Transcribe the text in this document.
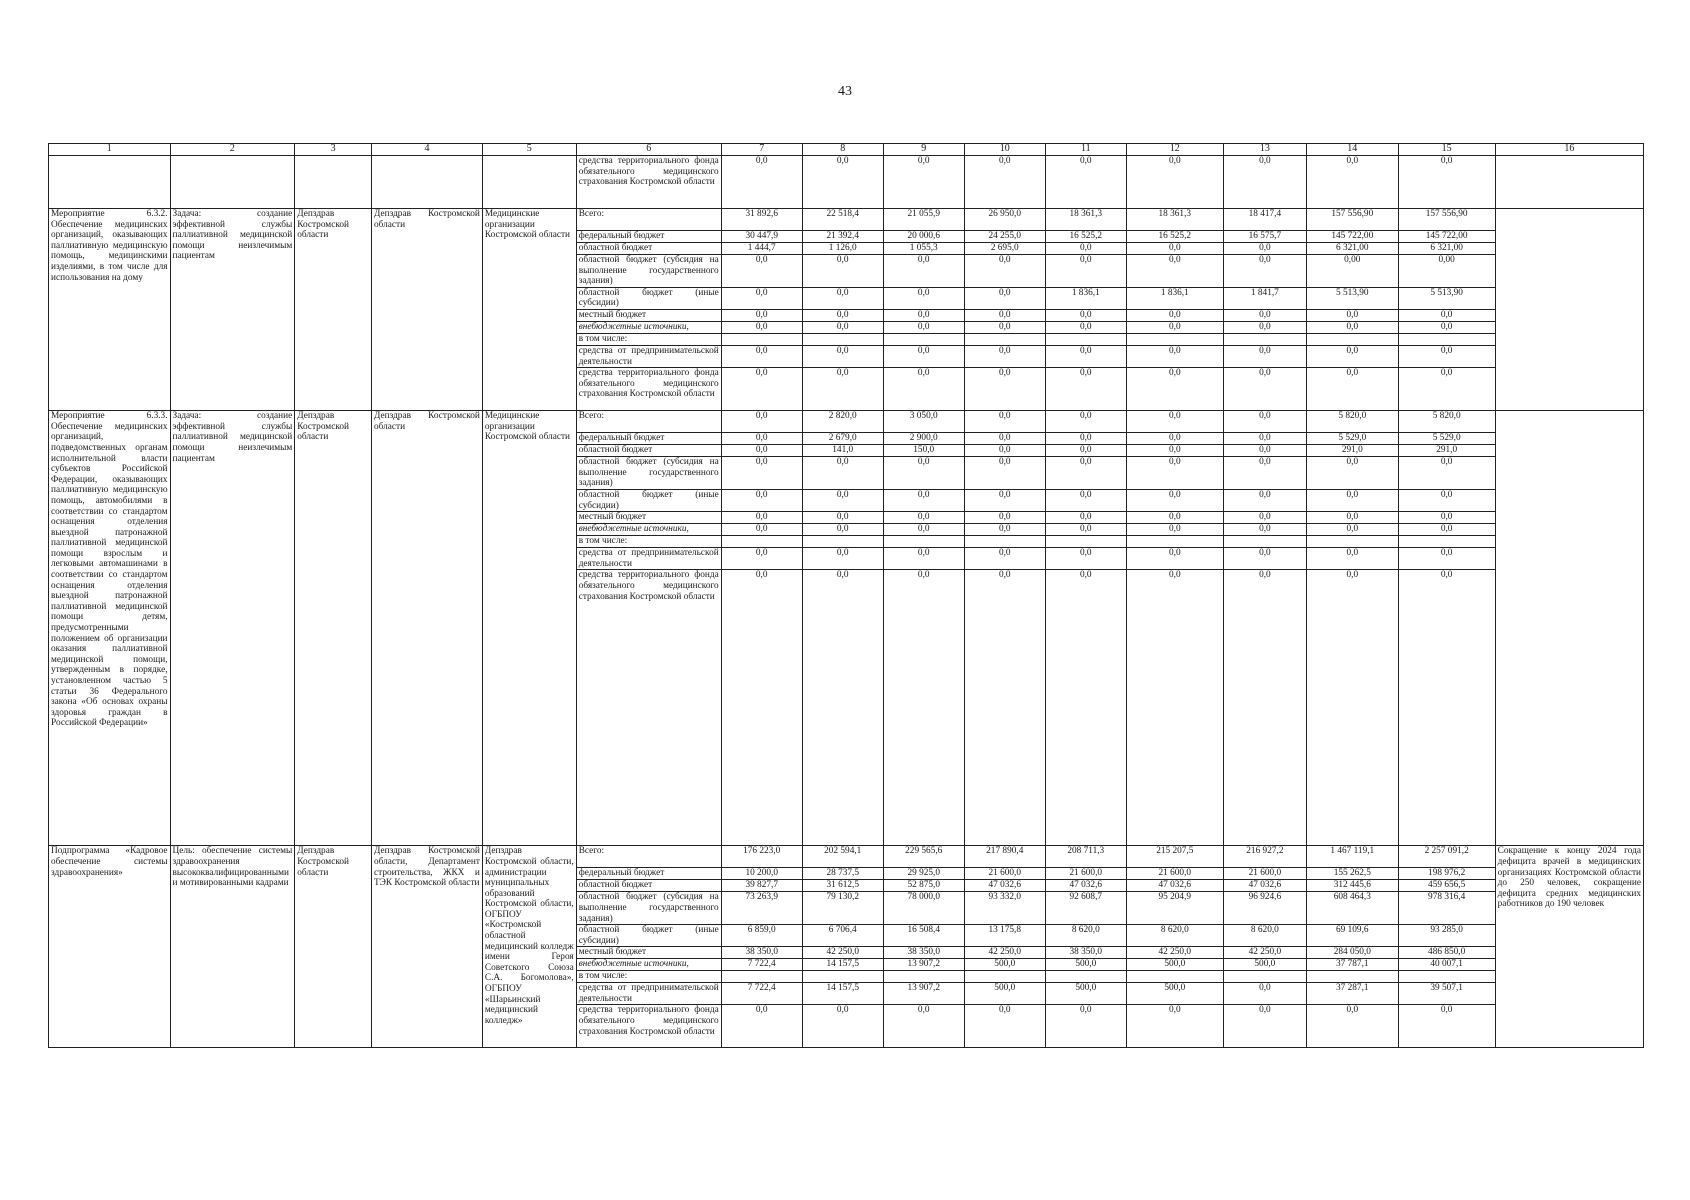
43
1	2	3	4	5	6	7	8	9	10	11	12	13	14	15	16
					средства территориального фонда обязательного медицинского страхования Костромской области	0,0	0,0	0,0	0,0	0,0	0,0	0,0	0,0	0,0	
Мероприятие 6.3.2. Обеспечение медицинских организаций, оказывающих паллиативную медицинскую помощь, медицинскими изделиями, в том числе для использования на дому	Задача: создание эффективной службы паллиативной медицинской помощи неизлечимым пациентам	Депздрав Костромской области	Депздрав Костромской области	Медицинские организации Костромской области	Всего:	31 892,6	22 518,4	21 055,9	26 950,0	18 361,3	18 361,3	18 417,4	157 556,90	157 556,90	
					федеральный бюджет	30 447,9	21 392,4	20 000,6	24 255,0	16 525,2	16 525,2	16 575,7	145 722,00	145 722,00	
					областной бюджет	1 444,7	1 126,0	1 055,3	2 695,0	0,0	0,0	0,0	6 321,00	6 321,00	
					областной бюджет (субсидия на выполнение государственного задания)	0,0	0,0	0,0	0,0	0,0	0,0	0,0	0,00	0,00	
					областной бюджет (иные субсидии)	0,0	0,0	0,0	0,0	1 836,1	1 836,1	1 841,7	5 513,90	5 513,90	
					местный бюджет	0,0	0,0	0,0	0,0	0,0	0,0	0,0	0,0	0,0	
					внебюджетные источники,	0,0	0,0	0,0	0,0	0,0	0,0	0,0	0,0	0,0	
					в том числе:										
					средства от предпринимательской деятельности	0,0	0,0	0,0	0,0	0,0	0,0	0,0	0,0	0,0	
					средства территориального фонда обязательного медицинского страхования Костромской области	0,0	0,0	0,0	0,0	0,0	0,0	0,0	0,0	0,0	
Мероприятие 6.3.3. Обеспечение медицинских организаций, подведомственных органам исполнительной власти субъектов Российской Федерации, оказывающих паллиативную медицинскую помощь, автомобилями в соответствии со стандартом оснащения отделения выездной патронажной паллиативной медицинской помощи взрослым и легковыми автомашинами в соответствии со стандартом оснащения отделения выездной патронажной паллиативной медицинской помощи детям, предусмотренными положением об организации оказания паллиативной медицинской помощи, утвержденным в порядке, установленном частью 5 статьи 36 Федерального закона «Об основах охраны здоровья граждан в Российской Федерации»	Задача: создание эффективной службы паллиативной медицинской помощи неизлечимым пациентам	Депздрав Костромской области	Депздрав Костромской области	Медицинские организации Костромской области	Всего:	0,0	2 820,0	3 050,0	0,0	0,0	0,0	0,0	5 820,0	5 820,0	
					федеральный бюджет	0,0	2 679,0	2 900,0	0,0	0,0	0,0	0,0	5 529,0	5 529,0	
					областной бюджет	0,0	141,0	150,0	0,0	0,0	0,0	0,0	291,0	291,0	
					областной бюджет (субсидия на выполнение государственного задания)	0,0	0,0	0,0	0,0	0,0	0,0	0,0	0,0	0,0	
					областной бюджет (иные субсидии)	0,0	0,0	0,0	0,0	0,0	0,0	0,0	0,0	0,0	
					местный бюджет	0,0	0,0	0,0	0,0	0,0	0,0	0,0	0,0	0,0	
					внебюджетные источники,	0,0	0,0	0,0	0,0	0,0	0,0	0,0	0,0	0,0	
					в том числе:										
					средства от предпринимательской деятельности	0,0	0,0	0,0	0,0	0,0	0,0	0,0	0,0	0,0	
					средства территориального фонда обязательного медицинского страхования Костромской области	0,0	0,0	0,0	0,0	0,0	0,0	0,0	0,0	0,0	
Подпрограмма «Кадровое обеспечение системы здравоохранения»	Цель: обеспечение системы здравоохранения высококвалифицированными и мотивированными кадрами	Депздрав Костромской области	Депздрав Костромской области, Департамент строительства, ЖКХ и ТЭК Костромской области	Депздрав Костромской области, администрации муниципальных образований Костромской области, ОГБПОУ «Костромской областной медицинский колледж имени Героя Советского Союза С.А. Богомолова», ОГБПОУ «Шарьинский медицинский колледж»	Всего:	176 223,0	202 594,1	229 565,6	217 890,4	208 711,3	215 207,5	216 927,2	1 467 119,1	2 257 091,2	Сокращение к концу 2024 года дефицита врачей в медицинских организациях Костромской области до 250 человек, сокращение дефицита средних медицинских работников до 190 человек
					федеральный бюджет	10 200,0	28 737,5	29 925,0	21 600,0	21 600,0	21 600,0	21 600,0	155 262,5	198 976,2	
					областной бюджет	39 827,7	31 612,5	52 875,0	47 032,6	47 032,6	47 032,6	47 032,6	312 445,6	459 656,5	
					областной бюджет (субсидия на выполнение государственного задания)	73 263,9	79 130,2	78 000,0	93 332,0	92 608,7	95 204,9	96 924,6	608 464,3	978 316,4	
					областной бюджет (иные субсидии)	6 859,0	6 706,4	16 508,4	13 175,8	8 620,0	8 620,0	8 620,0	69 109,6	93 285,0	
					местный бюджет	38 350,0	42 250,0	38 350,0	42 250,0	38 350,0	42 250,0	42 250,0	284 050,0	486 850,0	
					внебюджетные источники,	7 722,4	14 157,5	13 907,2	500,0	500,0	500,0	500,0	37 787,1	40 007,1	
					в том числе:										
					средства от предпринимательской деятельности	7 722,4	14 157,5	13 907,2	500,0	500,0	500,0	0,0	37 287,1	39 507,1	
					средства территориального фонда обязательного медицинского страхования Костромской области	0,0	0,0	0,0	0,0	0,0	0,0	0,0	0,0	0,0	
